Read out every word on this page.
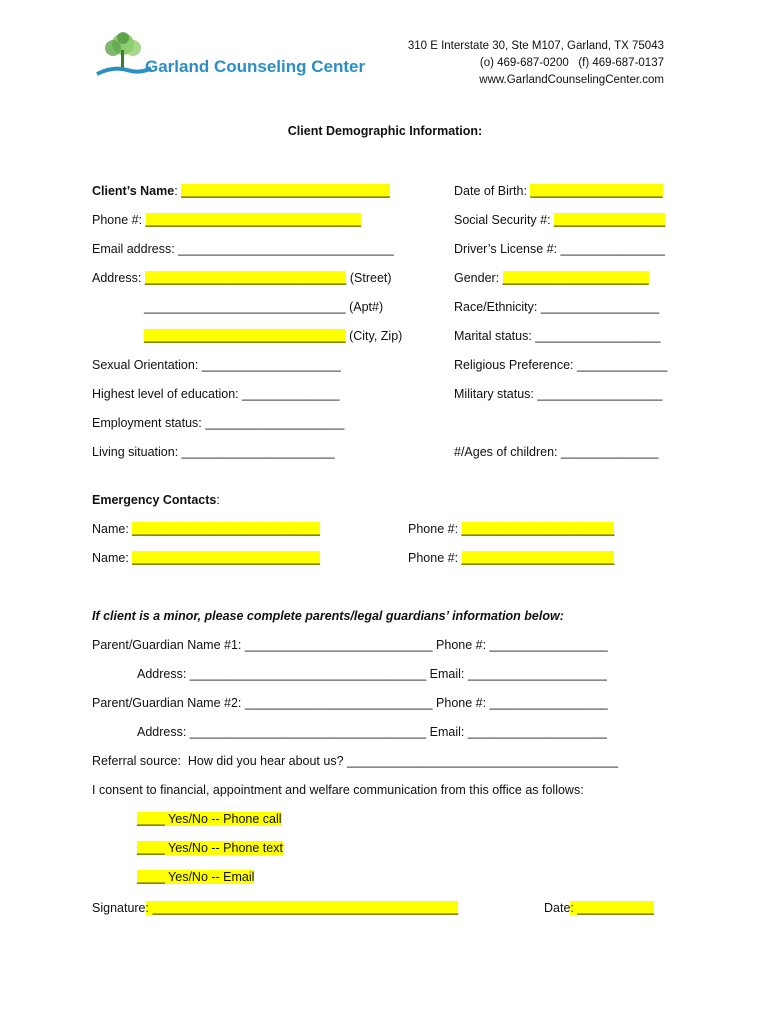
Garland Counseling Center
310 E Interstate 30, Ste M107, Garland, TX 75043
(o) 469-687-0200   (f) 469-687-0137
www.GarlandCounselingCenter.com
Client Demographic Information:
Client’s Name: ______________________________	Date of Birth: ___________________
Phone #: _______________________________	Social Security #: ________________
Email address: _______________________________	Driver’s License #: _______________
Address: _____________________________ (Street)	Gender: _____________________
_____________________________ (Apt#)	Race/Ethnicity: _________________
_____________________________ (City, Zip)	Marital status: __________________
Sexual Orientation: ____________________	Religious Preference: _____________
Highest level of education: ______________	Military status: __________________
Employment status: ____________________
Living situation: ______________________	#/Ages of children: ______________
Emergency Contacts:
Name: ___________________________	Phone #: ______________________
Name: ___________________________	Phone #: ______________________
If client is a minor, please complete parents/legal guardians’ information below:
Parent/Guardian Name #1: ___________________________ Phone #: _________________
Address: __________________________________ Email: ____________________
Parent/Guardian Name #2: ___________________________ Phone #: _________________
Address: __________________________________ Email: ____________________
Referral source:  How did you hear about us? _______________________________________
I consent to financial, appointment and welfare communication from this office as follows:
____ Yes/No -- Phone call
____ Yes/No -- Phone text
____ Yes/No -- Email
Signature: ____________________________________________	Date: ___________
